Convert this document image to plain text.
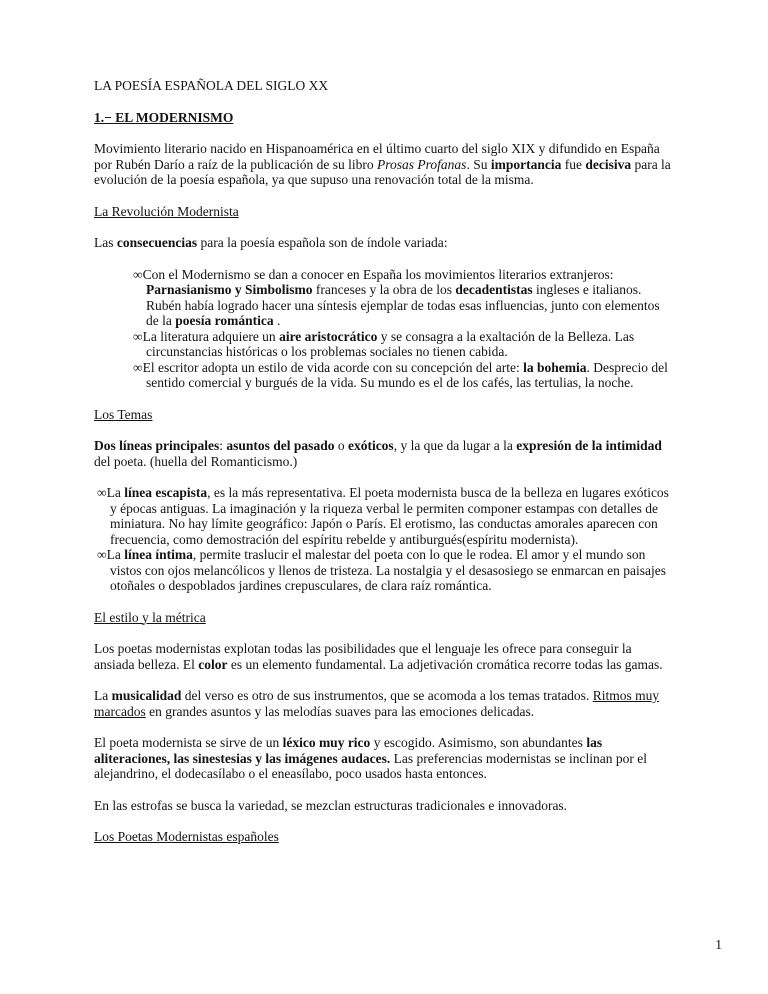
LA POESÍA ESPAÑOLA DEL SIGLO XX

1.− EL MODERNISMO

Movimiento literario nacido en Hispanoamérica en el último cuarto del siglo XIX y difundido en España por Rubén Darío a raíz de la publicación de su libro Prosas Profanas. Su importancia fue decisiva para la evolución de la poesía española, ya que supuso una renovación total de la misma.

La Revolución Modernista

Las consecuencias para la poesía española son de índole variada:

∞Con el Modernismo se dan a conocer en España los movimientos literarios extranjeros: Parnasianismo y Simbolismo franceses y la obra de los decadentistas ingleses e italianos. Rubén había logrado hacer una síntesis ejemplar de todas esas influencias, junto con elementos de la poesía romántica .

∞La literatura adquiere un aire aristocrático y se consagra a la exaltación de la Belleza. Las circunstancias históricas o los problemas sociales no tienen cabida.

∞El escritor adopta un estilo de vida acorde con su concepción del arte: la bohemia. Desprecio del sentido comercial y burgués de la vida. Su mundo es el de los cafés, las tertulias, la noche.

Los Temas

Dos líneas principales: asuntos del pasado o exóticos, y la que da lugar a la expresión de la intimidad del poeta. (huella del Romanticismo.)

∞La línea escapista, es la más representativa. El poeta modernista busca de la belleza en lugares exóticos y épocas antiguas. La imaginación y la riqueza verbal le permiten componer estampas con detalles de miniatura. No hay límite geográfico: Japón o París. El erotismo, las conductas amorales aparecen con frecuencia, como demostración del espíritu rebelde y antiburgués(espíritu modernista).

∞La línea íntima, permite traslucir el malestar del poeta con lo que le rodea. El amor y el mundo son vistos con ojos melancólicos y llenos de tristeza. La nostalgia y el desasosiego se enmarcan en paisajes otoñales o despoblados jardines crepusculares, de clara raíz romántica.

El estilo y la métrica

Los poetas modernistas explotan todas las posibilidades que el lenguaje les ofrece para conseguir la ansiada belleza. El color es un elemento fundamental. La adjetivación cromática recorre todas las gamas.

La musicalidad del verso es otro de sus instrumentos, que se acomoda a los temas tratados. Ritmos muy marcados en grandes asuntos y las melodías suaves para las emociones delicadas.

El poeta modernista se sirve de un léxico muy rico y escogido. Asimismo, son abundantes las aliteraciones, las sinestesias y las imágenes audaces. Las preferencias modernistas se inclinan por el alejandrino, el dodecasílabo o el eneasílabo, poco usados hasta entonces.

En las estrofas se busca la variedad, se mezclan estructuras tradicionales e innovadoras.

Los Poetas Modernistas españoles

1
